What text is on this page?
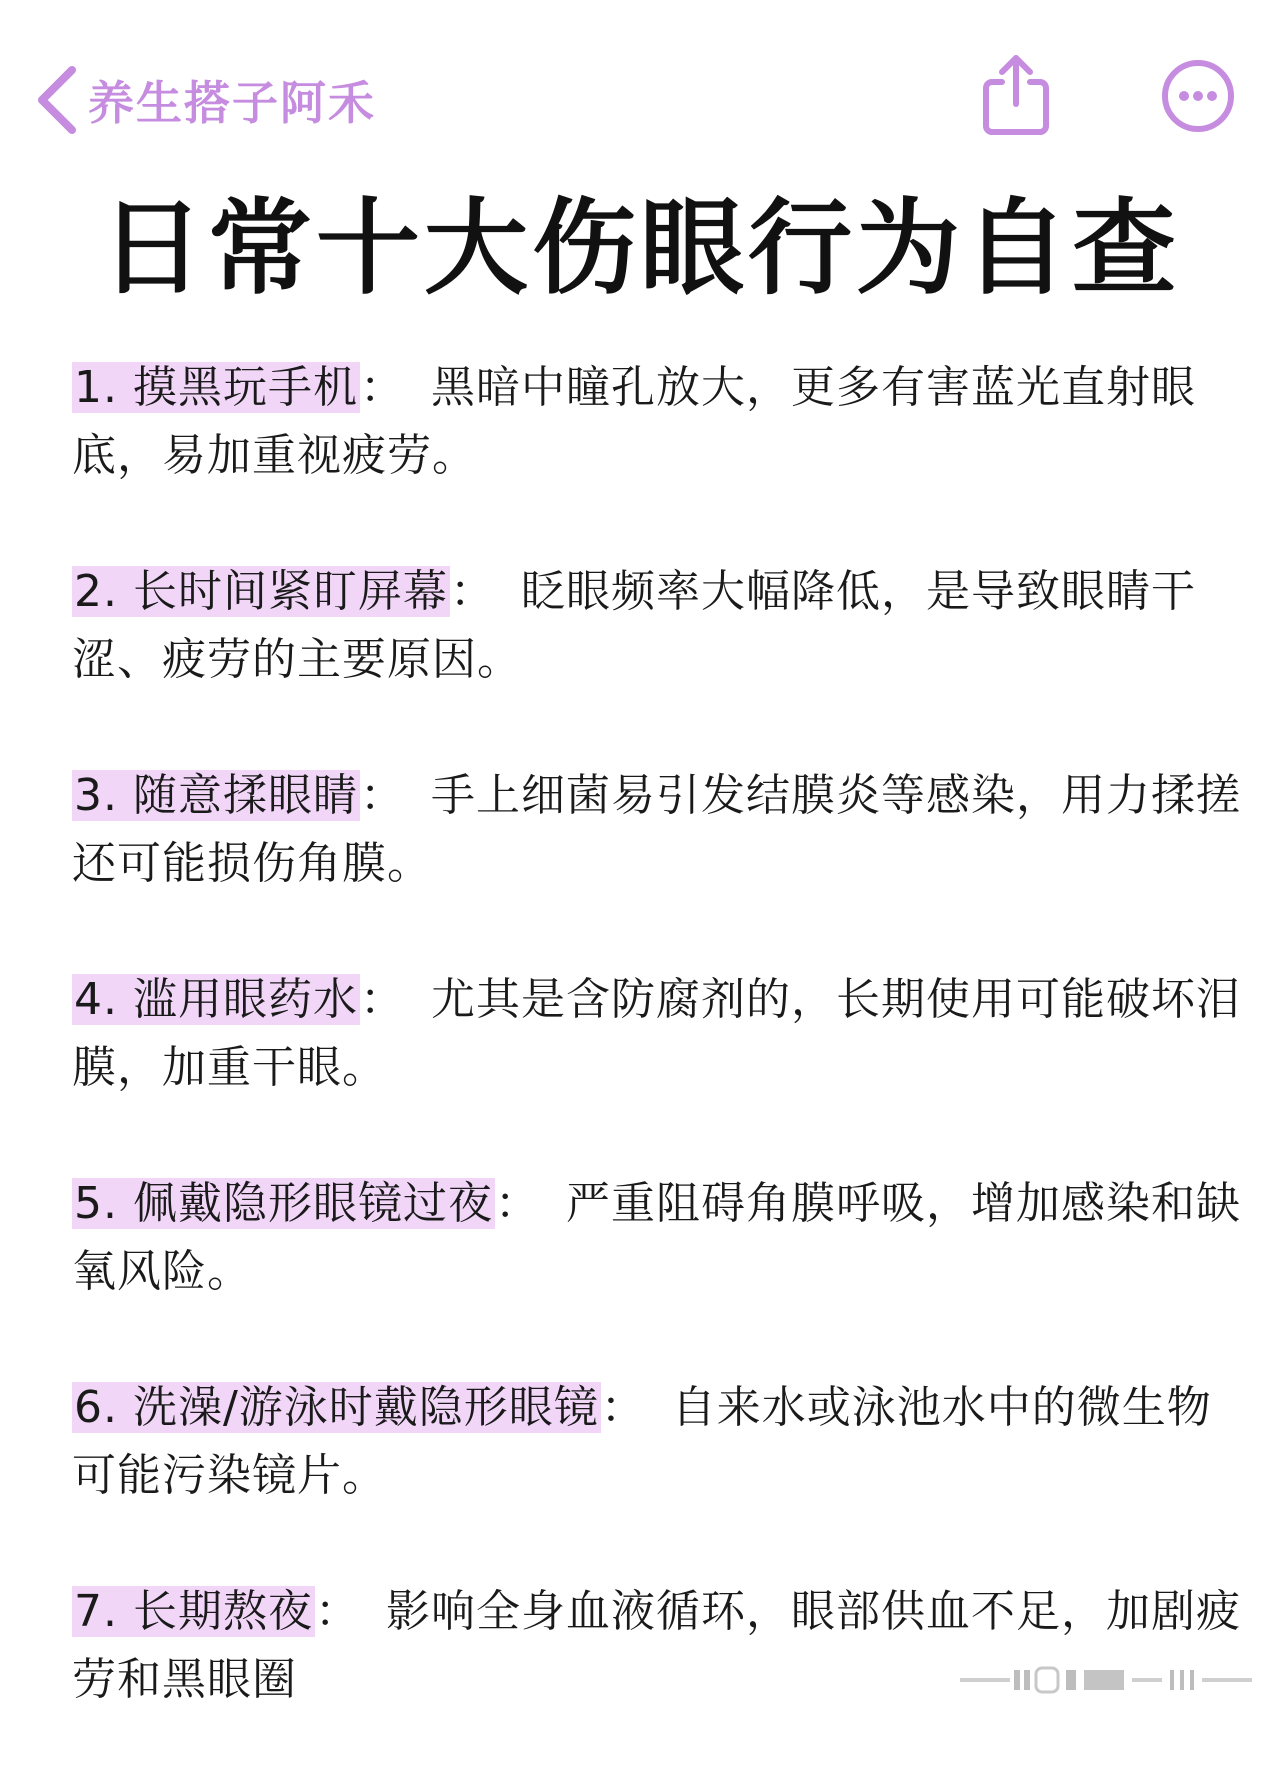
养生搭子阿禾
日常十大伤眼行为自查

1. 摸黑玩手机： 黑暗中瞳孔放大，更多有害蓝光直射眼底，易加重视疲劳。

2. 长时间紧盯屏幕： 眨眼频率大幅降低，是导致眼睛干涩、疲劳的主要原因。

3. 随意揉眼睛： 手上细菌易引发结膜炎等感染，用力揉搓还可能损伤角膜。

4. 滥用眼药水： 尤其是含防腐剂的，长期使用可能破坏泪膜，加重干眼。

5. 佩戴隐形眼镜过夜： 严重阻碍角膜呼吸，增加感染和缺氧风险。

6. 洗澡/游泳时戴隐形眼镜： 自来水或泳池水中的微生物可能污染镜片。

7. 长期熬夜： 影响全身血液循环，眼部供血不足，加剧疲劳和黑眼圈
